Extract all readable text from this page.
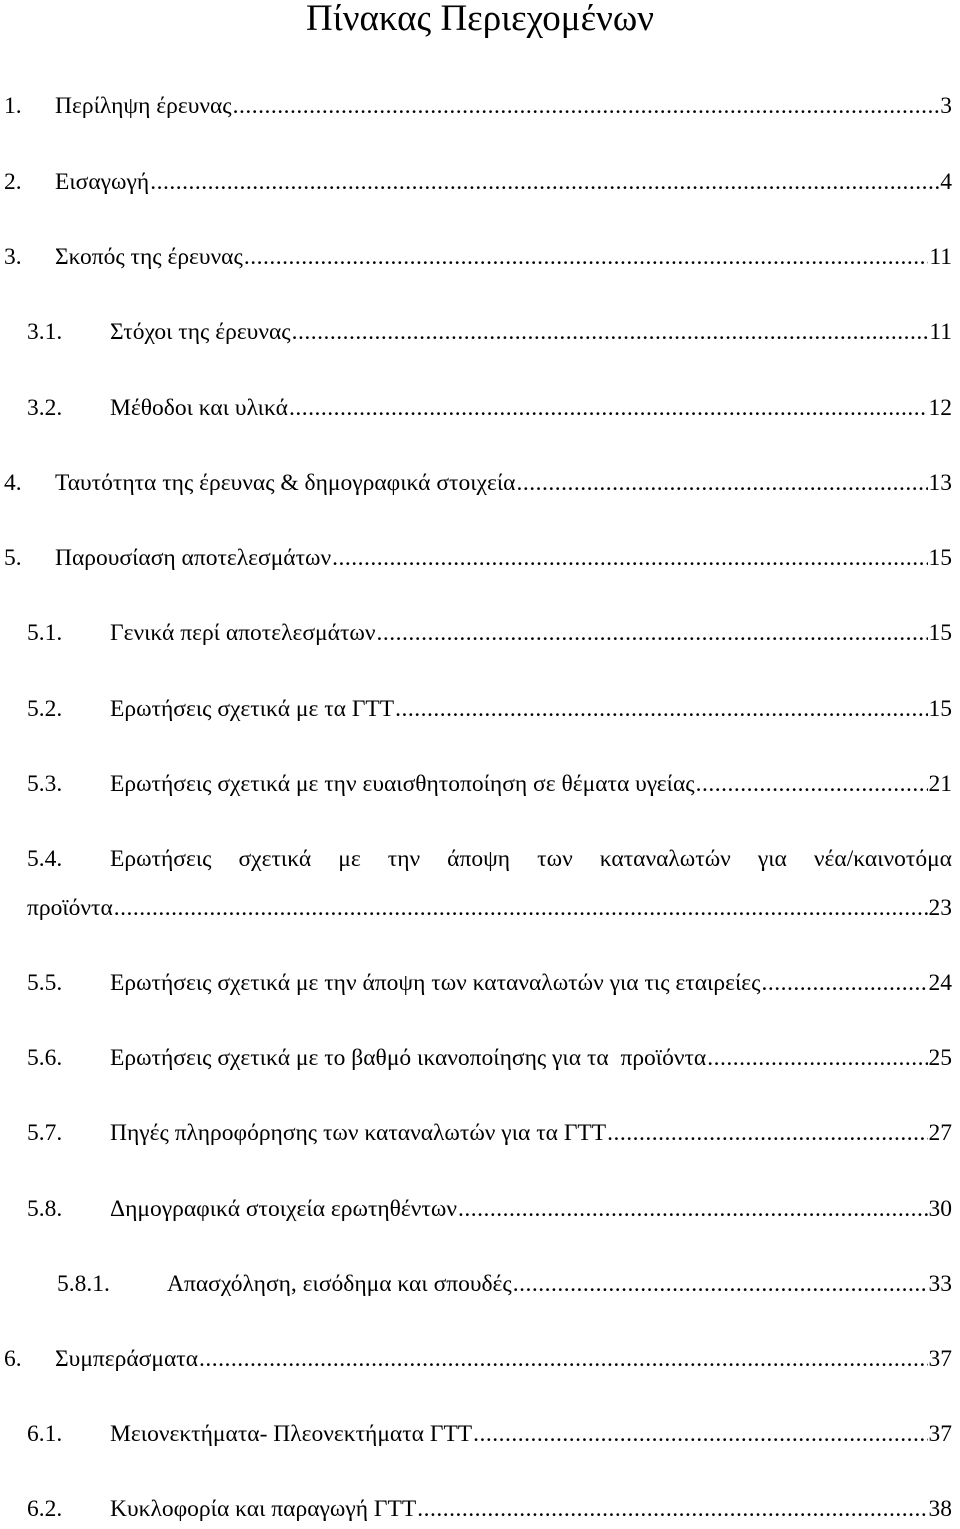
Πίνακας Περιεχομένων
1. Περίληψη έρευνας .....	3
2. Εισαγωγή .....	4
3. Σκοπός της έρευνας .....	11
3.1. Στόχοι της έρευνας .....	11
3.2. Μέθοδοι και υλικά .....	12
4. Ταυτότητα της έρευνας & δημογραφικά στοιχεία .....	13
5. Παρουσίαση αποτελεσμάτων .....	15
5.1. Γενικά περί αποτελεσμάτων .....	15
5.2. Ερωτήσεις σχετικά με τα ΓΤΤ .....	15
5.3. Ερωτήσεις σχετικά με την ευαισθητοποίηση σε θέματα υγείας .....	21
5.4. Ερωτήσεις σχετικά με την άποψη των καταναλωτών για νέα/καινοτόμα
προϊόντα .....	23
5.5. Ερωτήσεις σχετικά με την άποψη των καταναλωτών για τις εταιρείες .....	24
5.6. Ερωτήσεις σχετικά με το βαθμό ικανοποίησης για τα  προϊόντα .....	25
5.7. Πηγές πληροφόρησης των καταναλωτών για τα ΓΤΤ .....	27
5.8. Δημογραφικά στοιχεία ερωτηθέντων .....	30
5.8.1. Απασχόληση, εισόδημα και σπουδές .....	33
6. Συμπεράσματα .....	37
6.1. Μειονεκτήματα- Πλεονεκτήματα ΓΤΤ .....	37
6.2. Κυκλοφορία και παραγωγή ΓΤΤ .....	38
